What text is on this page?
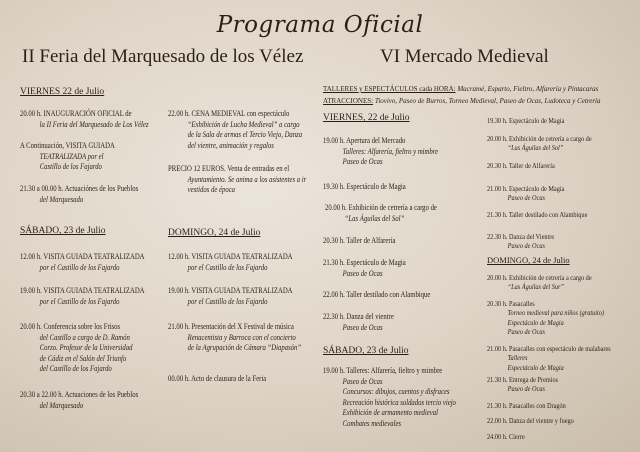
Programa Oficial
II Feria del Marquesado de los Vélez	VI Mercado Medieval
TALLERES y ESPECTÁCULOS cada HORA: Macramé, Esparto, Fieltro, Alfarería y Pintacaras
ATRACCIONES: Tiovivo, Paseo de Burros, Torneo Medieval, Paseo de Ocas, Ludoteca y Cetrería
VIERNES 22 de Julio
20.00 h. INAUGURACIÓN OFICIAL de
la II Feria del Marquesado de Los Vélez
A Continuación, VISITA GUIADA
TEATRALIZADA por el
Castillo de los Fajardo
21.30 a 00.00 h. Actuaciónes de los Pueblos
del Marquesado
SÁBADO, 23 de Julio
12.00 h. VISITA GUIADA TEATRALIZADA
por el Castillo de los Fajardo
19.00 h. VISITA GUIADA TEATRALIZADA
por el Castillo de los Fajardo
20.00 h. Conferencia sobre los Frisos
del Castillo a cargo de D. Ramón
Corzo. Profesor de la Universidad
de Cádiz en el Salón del Triunfo
del Castillo de los Fajardo
20.30 a 22.00 h. Actuaciones de los Pueblos
del Marquesado
22.00 h. CENA MEDIEVAL con espectáculo
“Exhibición de Lucha Medieval” a cargo
de la Sala de armas el Tercio Viejo, Danza
del vientre, animación y regalos
PRECIO 12 EUROS. Venta de entradas en el
Ayuntamiento. Se anima a los asistentes a ir
vestidos de época
DOMINGO, 24 de Julio
12.00 h. VISITA GUIADA TEATRALIZADA
por el Castillo de los Fajardo
19.00 h. VISITA GUIADA TEATRALIZADA
por el Castillo de los Fajardo
21.00 h. Presentación del X Festival de música
Renacentista y Barroca con el concierto
de la Agrupación de Cámara “Diapasón”
00.00 h. Acto de clausura de la Feria
VIERNES, 22 de Julio
19.00 h. Apertura del Mercado
Talleres: Alfarería, fieltro y mimbre
Paseo de Ocas
19.30 h. Espectáculo de Magia
20.00 h. Exhibición de cetrería a cargo de
“Las Águilas del Sol”
20.30 h. Taller de Alfarería
21.30 h. Espectáculo de Magia
Paseo de Ocas
22.00 h. Taller destilado con Alambique
22.30 h. Danza del vientre
Paseo de Ocas
SÁBADO, 23 de Julio
19.00 h. Talleres: Alfarería, fieltro y mimbre
Paseo de Ocas
Concursos: dibujos, cuentos y disfraces
Recreación histórica soldados tercio viejo
Exhibición de armamento medieval
Combates medievales
19.30 h. Espectáculo de Magia
20.00 h. Exhibición de cetrería a cargo de
“Las Águilas del Sol”
20.30 h. Taller de Alfarería
21.00 h. Espectáculo de Magia
Paseo de Ocas
21.30 h. Taller destilado con Alambique
22.30 h. Danza del Vientre
Paseo de Ocas
DOMINGO, 24 de Julio
20.00 h. Exhibición de cetrería a cargo de
“Las Águilas del Sur”
20.30 h. Pasacalles
Torneo medieval para niños (gratuito)
Espectáculo de Magia
Paseo de Ocas
21.00 h. Pasacalles con espectáculo de malabares
Talleres
Espectáculo de Magia
21.30 h. Entrega de Premios
Paseo de Ocas
21.30 h. Pasacalles con Dragón
22.00 h. Danza del vientre y fuego
24.00 h. Cierre
